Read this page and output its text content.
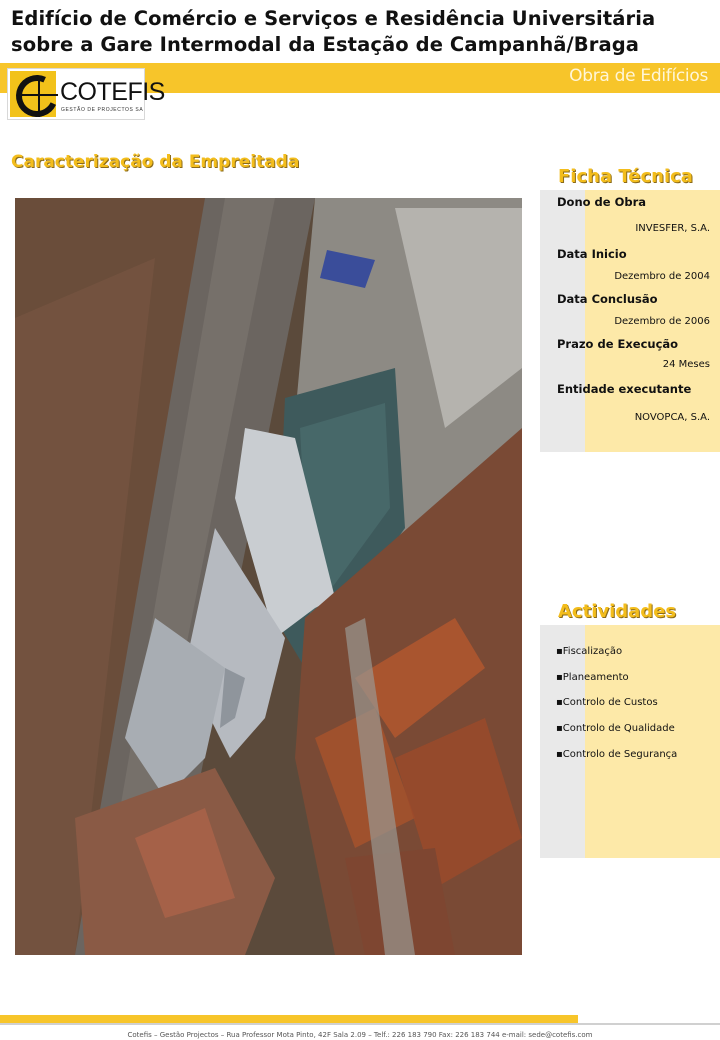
Edifício de Comércio e Serviços e Residência Universitária
sobre a Gare Intermodal da Estação de Campanhã/Braga
Obra de Edifícios
COTEFIS
GESTÃO DE PROJECTOS SA
Caracterização da Empreitada
Ficha Técnica
Dono de Obra
INVESFER, S.A.
Data Inicio
Dezembro de 2004
Data Conclusão
Dezembro de 2006
Prazo de Execução
24 Meses
Entidade executante
NOVOPCA, S.A.
Actividades
▪Fiscalização
▪Planeamento
▪Controlo de Custos
▪Controlo de Qualidade
▪Controlo de Segurança
Cotefis – Gestão Projectos – Rua Professor Mota Pinto, 42F Sala 2.09 – Telf.: 226 183 790 Fax: 226 183 744 e-mail: sede@cotefis.com
